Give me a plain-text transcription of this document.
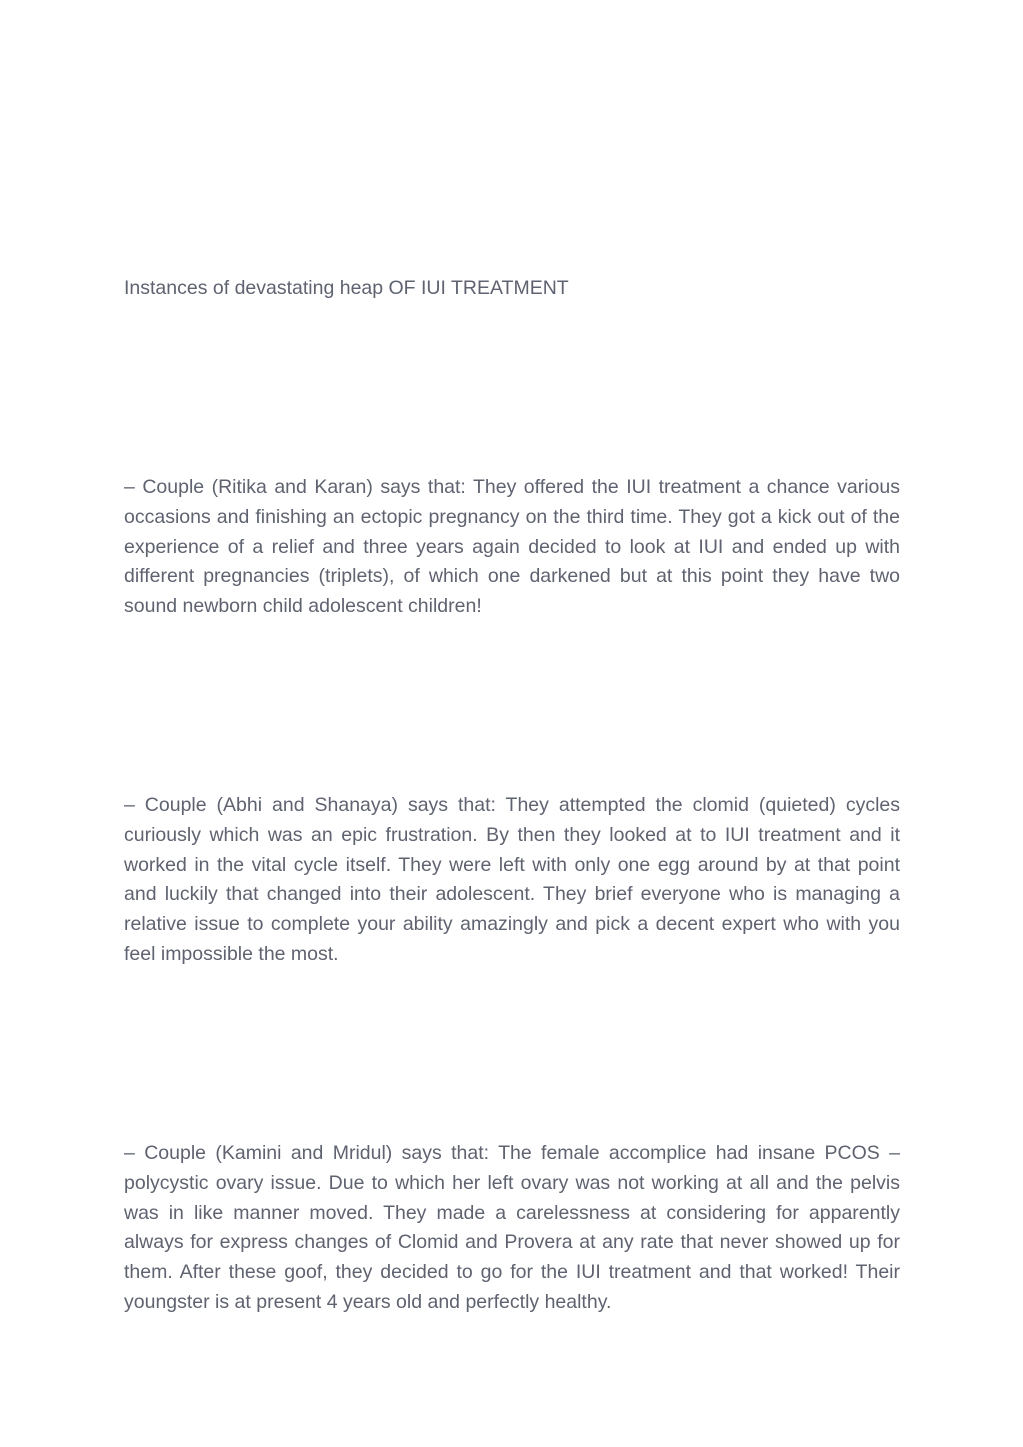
Instances of devastating heap OF IUI TREATMENT

– Couple (Ritika and Karan) says that: They offered the IUI treatment a chance various occasions and finishing an ectopic pregnancy on the third time. They got a kick out of the experience of a relief and three years again decided to look at IUI and ended up with different pregnancies (triplets), of which one darkened but at this point they have two sound newborn child adolescent children!

– Couple (Abhi and Shanaya) says that: They attempted the clomid (quieted) cycles curiously which was an epic frustration. By then they looked at to IUI treatment and it worked in the vital cycle itself. They were left with only one egg around by at that point and luckily that changed into their adolescent. They brief everyone who is managing a relative issue to complete your ability amazingly and pick a decent expert who with you feel impossible the most.

– Couple (Kamini and Mridul) says that: The female accomplice had insane PCOS – polycystic ovary issue. Due to which her left ovary was not working at all and the pelvis was in like manner moved. They made a carelessness at considering for apparently always for express changes of Clomid and Provera at any rate that never showed up for them. After these goof, they decided to go for the IUI treatment and that worked! Their youngster is at present 4 years old and perfectly healthy.
